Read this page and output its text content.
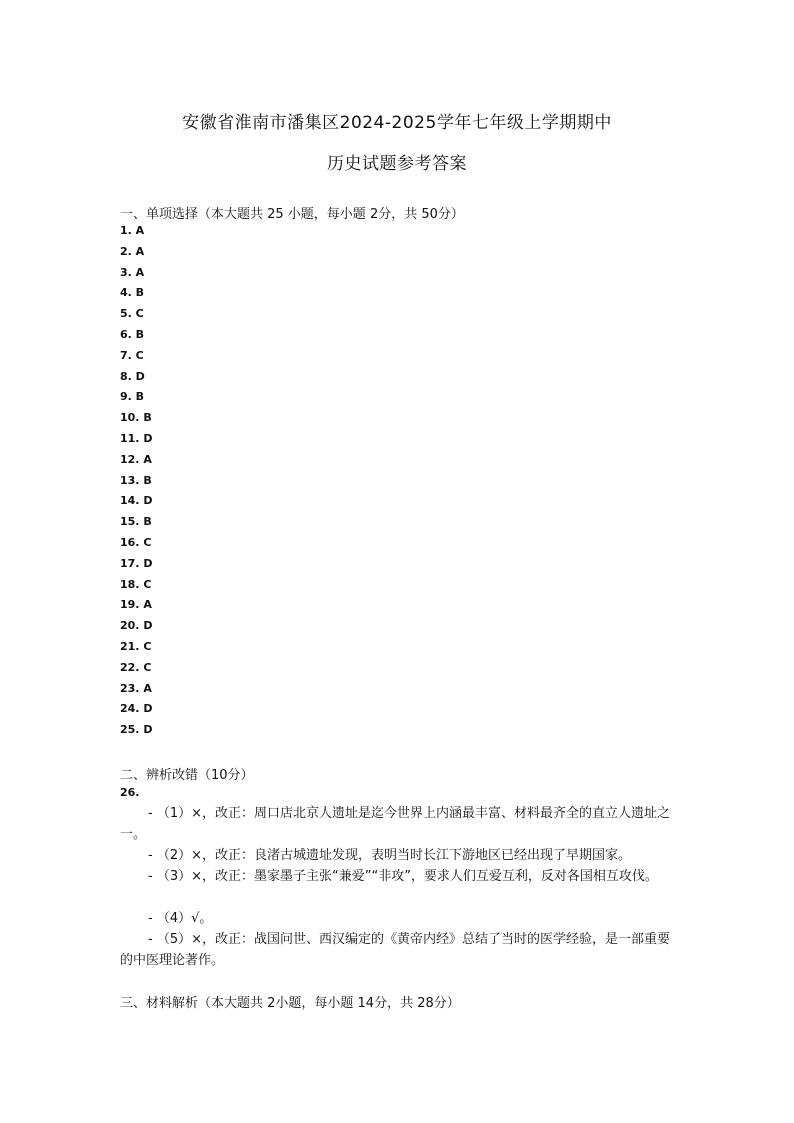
安徽省淮南市潘集区2024-2025学年七年级上学期期中
历史试题参考答案
一、单项选择（本大题共 25 小题，每小题 2分，共 50分）
1. A
2. A
3. A
4. B
5. C
6. B
7. C
8. D
9. B
10. B
11. D
12. A
13. B
14. D
15. B
16. C
17. D
18. C
19. A
20. D
21. C
22. C
23. A
24. D
25. D
二、辨析改错（10分）
26.
- （1）×，改正：周口店北京人遗址是迄今世界上内涵最丰富、材料最齐全的直立人遗址之一。
- （2）×，改正：良渚古城遗址发现，表明当时长江下游地区已经出现了早期国家。
- （3）×，改正：墨家墨子主张“兼爱”“非攻”，要求人们互爱互利，反对各国相互攻伐。
- （4）√。
- （5）×，改正：战国问世、西汉编定的《黄帝内经》总结了当时的医学经验，是一部重要的中医理论著作。
三、材料解析（本大题共 2小题，每小题 14分，共 28分）
